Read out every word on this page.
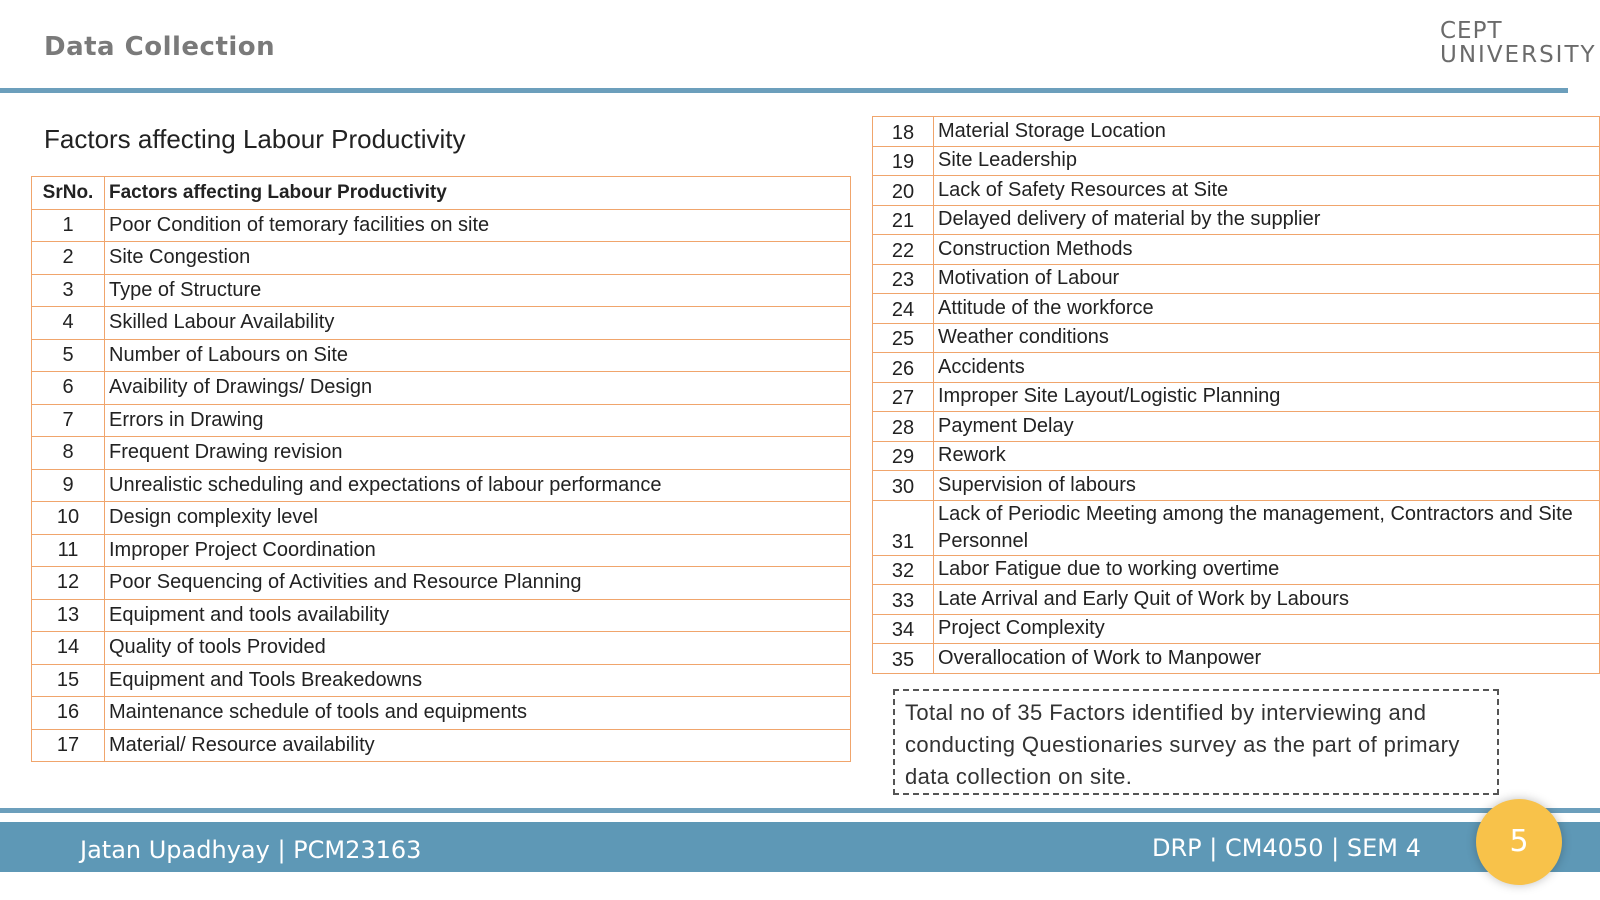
Data Collection
CEPT
UNIVERSITY
Factors affecting Labour Productivity
SrNo.	Factors affecting Labour Productivity
1	Poor Condition of temorary facilities on site
2	Site Congestion
3	Type of Structure
4	Skilled Labour Availability
5	Number of Labours on Site
6	Avaibility of Drawings/ Design
7	Errors in Drawing
8	Frequent Drawing revision
9	Unrealistic scheduling and expectations of labour performance
10	Design complexity level
11	Improper Project Coordination
12	Poor Sequencing of Activities and Resource Planning
13	Equipment and tools availability
14	Quality of tools Provided
15	Equipment and Tools Breakedowns
16	Maintenance schedule of tools and equipments
17	Material/ Resource availability
18	Material Storage Location
19	Site Leadership
20	Lack of Safety Resources at Site
21	Delayed delivery of material by the supplier
22	Construction Methods
23	Motivation of Labour
24	Attitude of the workforce
25	Weather conditions
26	Accidents
27	Improper Site Layout/Logistic Planning
28	Payment Delay
29	Rework
30	Supervision of labours
31	Lack of Periodic Meeting among the management, Contractors and Site Personnel
32	Labor Fatigue due to working overtime
33	Late Arrival and Early Quit of Work by Labours
34	Project Complexity
35	Overallocation of Work to Manpower
Total no of 35 Factors identified by interviewing and conducting Questionaries survey as the part of primary data collection on site.
Jatan Upadhyay | PCM23163	DRP | CM4050 | SEM 4	5
